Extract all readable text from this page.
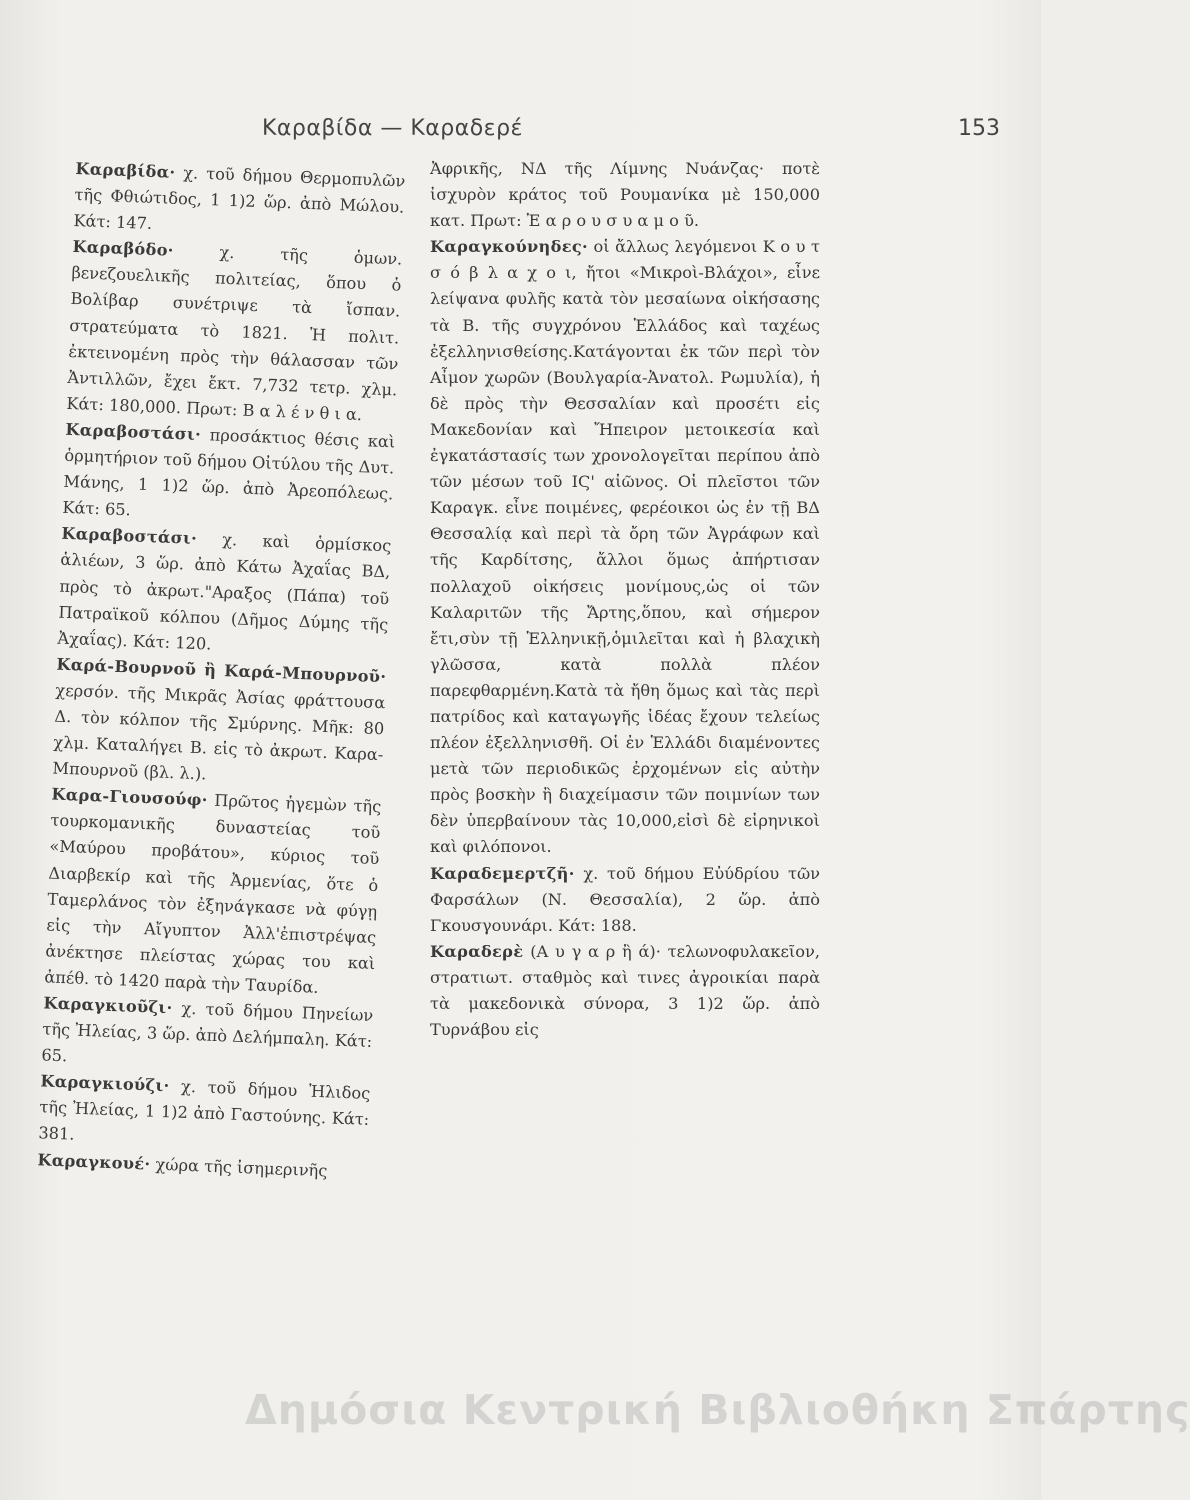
Καραβίδα — Καραδερέ	153

Καραβίδα· χ. τοῦ δήμου Θερμοπυλῶν τῆς Φθιώτιδος, 1 1)2 ὥρ. ἀπὸ Μώλου. Κάτ: 147.

Καραβόδο·	χ. τῆς ὁμων. βενεζουελικῆς πολιτείας, ὅπου ὁ Βολίβαρ συνέτριψε τὰ ἴσπαν. στρατεύματα τὸ 1821. Ἡ πολιτ. ἐκτεινομένη πρὸς τὴν θάλασσαν τῶν Ἀντιλλῶν, ἔχει ἔκτ. 7,732 τετρ. χλμ. Κάτ: 180,000. Πρωτ: Β α λ έ ν θ ι α.

Καραβοστάσι· προσάκτιος θέσις καὶ ὁρμητήριον τοῦ δήμου Οἰτύλου τῆς Δυτ. Μάνης, 1 1)2 ὥρ. ἀπὸ Ἀρεοπόλεως. Κάτ: 65.

Καραβοστάσι· χ. καὶ ὁρμίσκος ἁλιέων, 3 ὥρ. ἀπὸ Κάτω Ἀχαΐας ΒΔ, πρὸς τὸ ἀκρωτ."Αραξος (Πάπα) τοῦ Πατραϊκοῦ κόλπου (Δῆμος Δύμης τῆς Ἀχαΐας). Κάτ: 120.

Καρά-Βουρνοῦ ἢ Καρά-Μπουρνοῦ· χερσόν. τῆς Μικρᾶς Ἀσίας φράττουσα Δ. τὸν κόλπον τῆς Σμύρνης. Μῆκ: 80 χλμ. Καταλήγει Β. εἰς τὸ ἀκρωτ. Καρα-Μπουρνοῦ (βλ. λ.).

Καρα-Γιουσούφ· Πρῶτος ἡγεμὼν τῆς τουρκομανικῆς δυναστείας τοῦ «Μαύρου προβάτου», κύριος τοῦ Διαρβεκίρ καὶ τῆς Ἀρμενίας, ὅτε ὁ Ταμερλάνος τὸν ἐξηνάγκασε νὰ φύγῃ εἰς τὴν Αἴγυπτον Ἀλλ'ἐπιστρέψας ἀνέκτησε πλείστας χώρας του καὶ ἀπέθ. τὸ 1420 παρὰ τὴν Ταυρίδα.

Καραγκιοῦζι· χ. τοῦ δήμου Πηνείων τῆς Ἠλείας, 3 ὥρ. ἀπὸ Δελήμπαλη. Κάτ: 65.

Καραγκιούζι· χ. τοῦ δήμου Ἠλιδος τῆς Ἠλείας, 1 1)2 ἀπὸ Γαστούνης. Κάτ: 381.

Καραγκουέ· χώρα τῆς ἰσημερινῆς

Ἀφρικῆς, ΝΔ τῆς Λίμνης Νυάνζας· ποτὲ ἰσχυρὸν κράτος τοῦ Ρουμανίκα μὲ 150,000 κατ. Πρωτ: Ἐ α ρ ο υ σ υ α μ ο ῦ.

Καραγκούνηδες· οἱ ἄλλως λεγόμενοι Κ ο υ τ σ ό β λ α χ ο ι, ἤτοι «Μικροὶ-Βλάχοι», εἶνε λείψανα φυλῆς κατὰ τὸν μεσαίωνα οἰκήσασης τὰ Β. τῆς συγχρόνου Ἑλλάδος καὶ ταχέως ἐξελληνισθείσης.Κατάγονται ἐκ τῶν περὶ τὸν Αἶμον χωρῶν (Βουλγαρία-Ἀνατολ. Ρωμυλία), ἡ δὲ πρὸς τὴν Θεσσαλίαν καὶ προσέτι εἰς Μακεδονίαν καὶ Ἤπειρον μετοικεσία καὶ ἐγκατάστασίς των χρονολογεῖται περίπου ἀπὸ τῶν μέσων τοῦ ΙϚ' αἰῶνος. Οἱ πλεῖστοι τῶν Καραγκ. εἶνε ποιμένες, φερέοικοι ὡς ἐν τῇ ΒΔ Θεσσαλίᾳ καὶ περὶ τὰ ὄρη τῶν Ἀγράφων καὶ τῆς Καρδίτσης, ἄλλοι ὅμως ἀπήρτισαν πολλαχοῦ οἰκήσεις μονίμους,ὡς οἱ τῶν Καλαριτῶν τῆς Ἄρτης,ὅπου, καὶ σήμερον ἔτι,σὺν τῇ Ἑλληνικῇ,ὁμιλεῖται καὶ ἡ βλαχικὴ γλῶσσα, κατὰ πολλὰ πλέον παρεφθαρμένη.Κατὰ τὰ ἤθη ὅμως καὶ τὰς περὶ πατρίδος καὶ καταγωγῆς ἰδέας ἔχουν τελείως πλέον ἐξελληνισθῆ. Οἱ ἐν Ἑλλάδι διαμένοντες μετὰ τῶν περιοδικῶς ἐρχομένων εἰς αὐτὴν πρὸς βοσκὴν ἢ διαχείμασιν τῶν ποιμνίων των δὲν ὑπερβαίνουν τὰς 10,000,εἰσὶ δὲ εἰρηνικοὶ καὶ φιλόπονοι.

Καραδεμερτζῆ· χ. τοῦ δήμου Εὐύδρίου τῶν Φαρσάλων (Ν. Θεσσαλία), 2 ὥρ. ἀπὸ Γκουσγουνάρι. Κάτ: 188.

Καραδερὲ (Α υ γ α ρ ἢ ά)· τελωνοφυλακεῖον, στρατιωτ. σταθμὸς καὶ τινες ἀγροικίαι παρὰ τὰ μακεδονικὰ σύνορα, 3 1)2 ὥρ. ἀπὸ Τυρνάβου εἰς

Δημόσια Κεντρική Βιβλιοθήκη Σπάρτης
